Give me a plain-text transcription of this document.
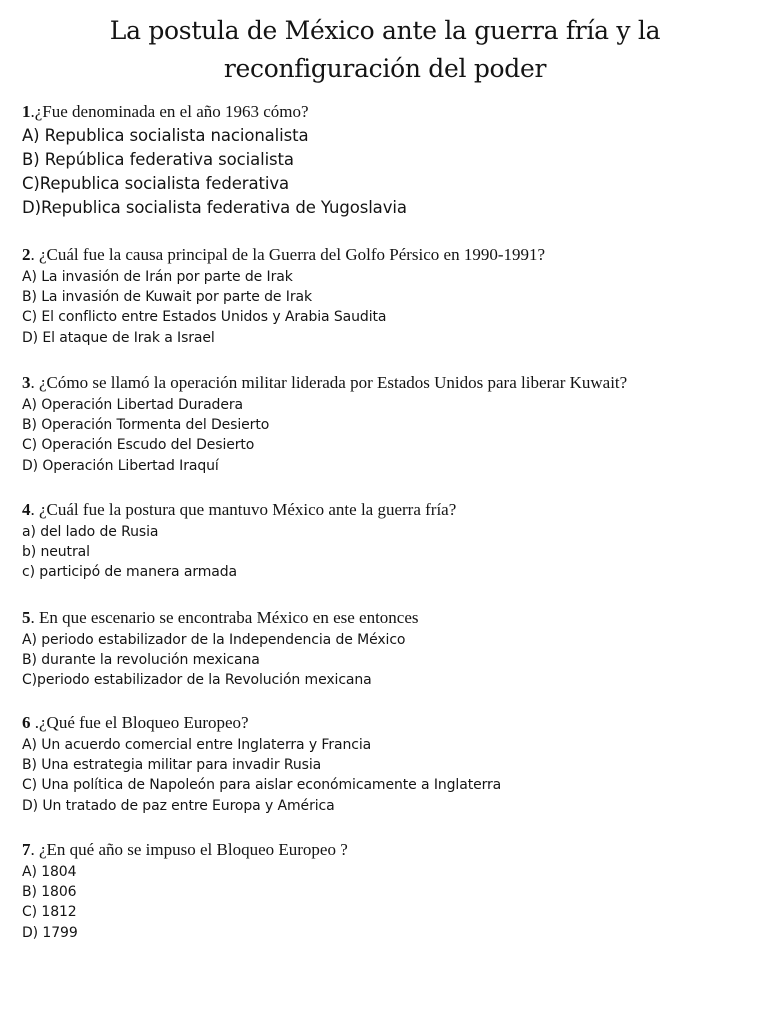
La postula de México ante la guerra fría y la
reconfiguración del poder
1.¿Fue denominada en el año 1963 cómo?
A) Republica socialista nacionalista
B) República federativa socialista
C)Republica socialista federativa
D)Republica socialista federativa de Yugoslavia
2. ¿Cuál fue la causa principal de la Guerra del Golfo Pérsico en 1990-1991?
A) La invasión de Irán por parte de Irak
B) La invasión de Kuwait por parte de Irak
C) El conflicto entre Estados Unidos y Arabia Saudita
D) El ataque de Irak a Israel
3. ¿Cómo se llamó la operación militar liderada por Estados Unidos para liberar Kuwait?
A) Operación Libertad Duradera
B) Operación Tormenta del Desierto
C) Operación Escudo del Desierto
D) Operación Libertad Iraquí
4. ¿Cuál fue la postura que mantuvo México ante la guerra fría?
a) del lado de Rusia
b) neutral
c) participó de manera armada
5. En que escenario se encontraba México en ese entonces
A) periodo estabilizador de la Independencia de México
B) durante la revolución mexicana
C)periodo estabilizador de la Revolución mexicana
6 .¿Qué fue el Bloqueo Europeo?
A) Un acuerdo comercial entre Inglaterra y Francia
B) Una estrategia militar para invadir Rusia
C) Una política de Napoleón para aislar económicamente a Inglaterra
D) Un tratado de paz entre Europa y América
7. ¿En qué año se impuso el Bloqueo Europeo ?
A) 1804
B) 1806
C) 1812
D) 1799
